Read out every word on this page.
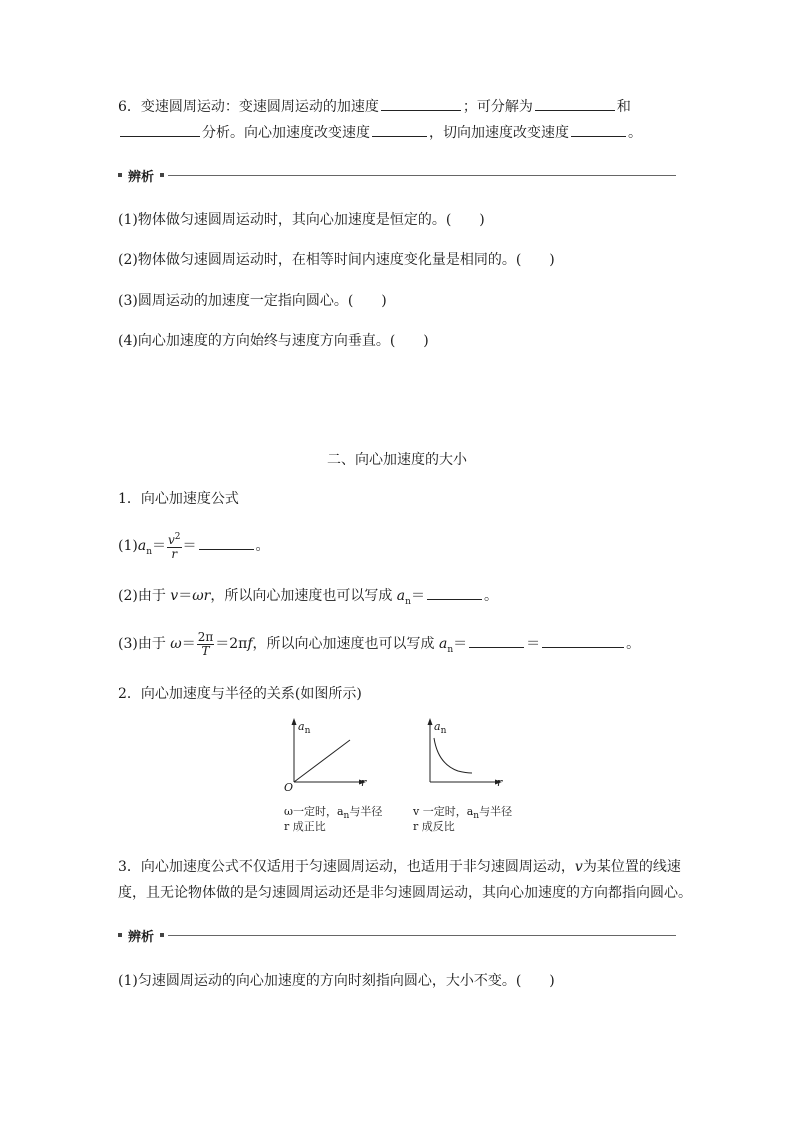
6．变速圆周运动：变速圆周运动的加速度	；可分解为	和
分析。向心加速度改变速度	，切向加速度改变速度	。
辨析
(1)物体做匀速圆周运动时，其向心加速度是恒定的。(　　)
(2)物体做匀速圆周运动时，在相等时间内速度变化量是相同的。(　　)
(3)圆周运动的加速度一定指向圆心。(　　)
(4)向心加速度的方向始终与速度方向垂直。(　　)
二、向心加速度的大小
1．向心加速度公式
$(1)a_n= \frac{v^2}{r}$ ＝	。
(2)由于 v＝ωr，所以向心加速度也可以写成 $a_n=$	。
(3)由于 $\omega= \frac{2\pi}{T} =2\pi f$，所以向心加速度也可以写成 $a_n=$	＝	。
2．向心加速度与半径的关系(如图所示)
$a_n$
r
O
ω一定时，$a_n$与半径
r 成正比
$a_n$
r
v 一定时，$a_n$与半径
r 成反比
3．向心加速度公式不仅适用于匀速圆周运动，也适用于非匀速圆周运动，v为某位置的线速
度，且无论物体做的是匀速圆周运动还是非匀速圆周运动，其向心加速度的方向都指向圆心。
辨析
(1)匀速圆周运动的向心加速度的方向时刻指向圆心，大小不变。(　　)
